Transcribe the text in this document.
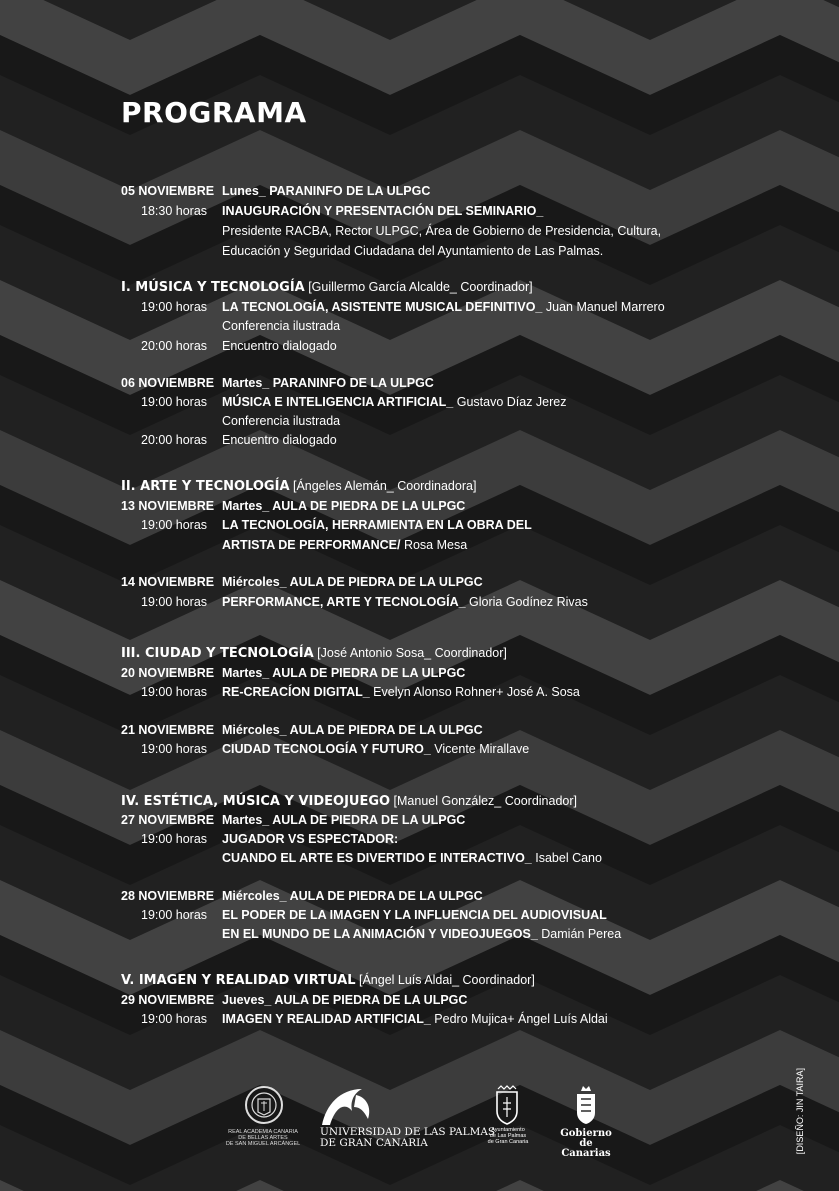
PROGRAMA
05 NOVIEMBRE Lunes_ PARANINFO DE LA ULPGC
18:30 horas INAUGURACIÓN Y PRESENTACIÓN DEL SEMINARIO_
Presidente RACBA, Rector ULPGC, Área de Gobierno de Presidencia, Cultura,
Educación y Seguridad Ciudadana del Ayuntamiento de Las Palmas.
I. MÚSICA Y TECNOLOGÍA [Guillermo García Alcalde_ Coordinador]
19:00 horas LA TECNOLOGÍA, ASISTENTE MUSICAL DEFINITIVO_ Juan Manuel Marrero
Conferencia ilustrada
20:00 horas Encuentro dialogado
06 NOVIEMBRE Martes_ PARANINFO DE LA ULPGC
19:00 horas MÚSICA E INTELIGENCIA ARTIFICIAL_ Gustavo Díaz Jerez
Conferencia ilustrada
20:00 horas Encuentro dialogado
II. ARTE Y TECNOLOGÍA [Ángeles Alemán_ Coordinadora]
13 NOVIEMBRE Martes_ AULA DE PIEDRA DE LA ULPGC
19:00 horas LA TECNOLOGÍA, HERRAMIENTA EN LA OBRA DEL
ARTISTA DE PERFORMANCE/ Rosa Mesa
14 NOVIEMBRE Miércoles_ AULA DE PIEDRA DE LA ULPGC
19:00 horas PERFORMANCE, ARTE Y TECNOLOGÍA_ Gloria Godínez Rivas
III. CIUDAD Y TECNOLOGÍA [José Antonio Sosa_ Coordinador]
20 NOVIEMBRE Martes_ AULA DE PIEDRA DE LA ULPGC
19:00 horas RE-CREACÍON DIGITAL_ Evelyn Alonso Rohner+ José A. Sosa
21 NOVIEMBRE Miércoles_ AULA DE PIEDRA DE LA ULPGC
19:00 horas CIUDAD TECNOLOGÍA Y FUTURO_ Vicente Mirallave
IV. ESTÉTICA, MÚSICA Y VIDEOJUEGO [Manuel González_ Coordinador]
27 NOVIEMBRE Martes_ AULA DE PIEDRA DE LA ULPGC
19:00 horas JUGADOR VS ESPECTADOR:
CUANDO EL ARTE ES DIVERTIDO E INTERACTIVO_ Isabel Cano
28 NOVIEMBRE Miércoles_ AULA DE PIEDRA DE LA ULPGC
19:00 horas EL PODER DE LA IMAGEN Y LA INFLUENCIA DEL AUDIOVISUAL
EN EL MUNDO DE LA ANIMACIÓN Y VIDEOJUEGOS_ Damián Perea
V. IMAGEN Y REALIDAD VIRTUAL [Ángel Luís Aldai_ Coordinador]
29 NOVIEMBRE Jueves_ AULA DE PIEDRA DE LA ULPGC
19:00 horas IMAGEN Y REALIDAD ARTIFICIAL_ Pedro Mujica+ Ángel Luís Aldai
[DISEÑO: JIN TAIRA]
REAL ACADEMIA CANARIA
DE BELLAS ARTES
DE SAN MIGUEL ARCÁNGEL
UNIVERSIDAD DE LAS PALMAS
DE GRAN CANARIA
Ayuntamiento
de Las Palmas
de Gran Canaria
Gobierno
de Canarias
